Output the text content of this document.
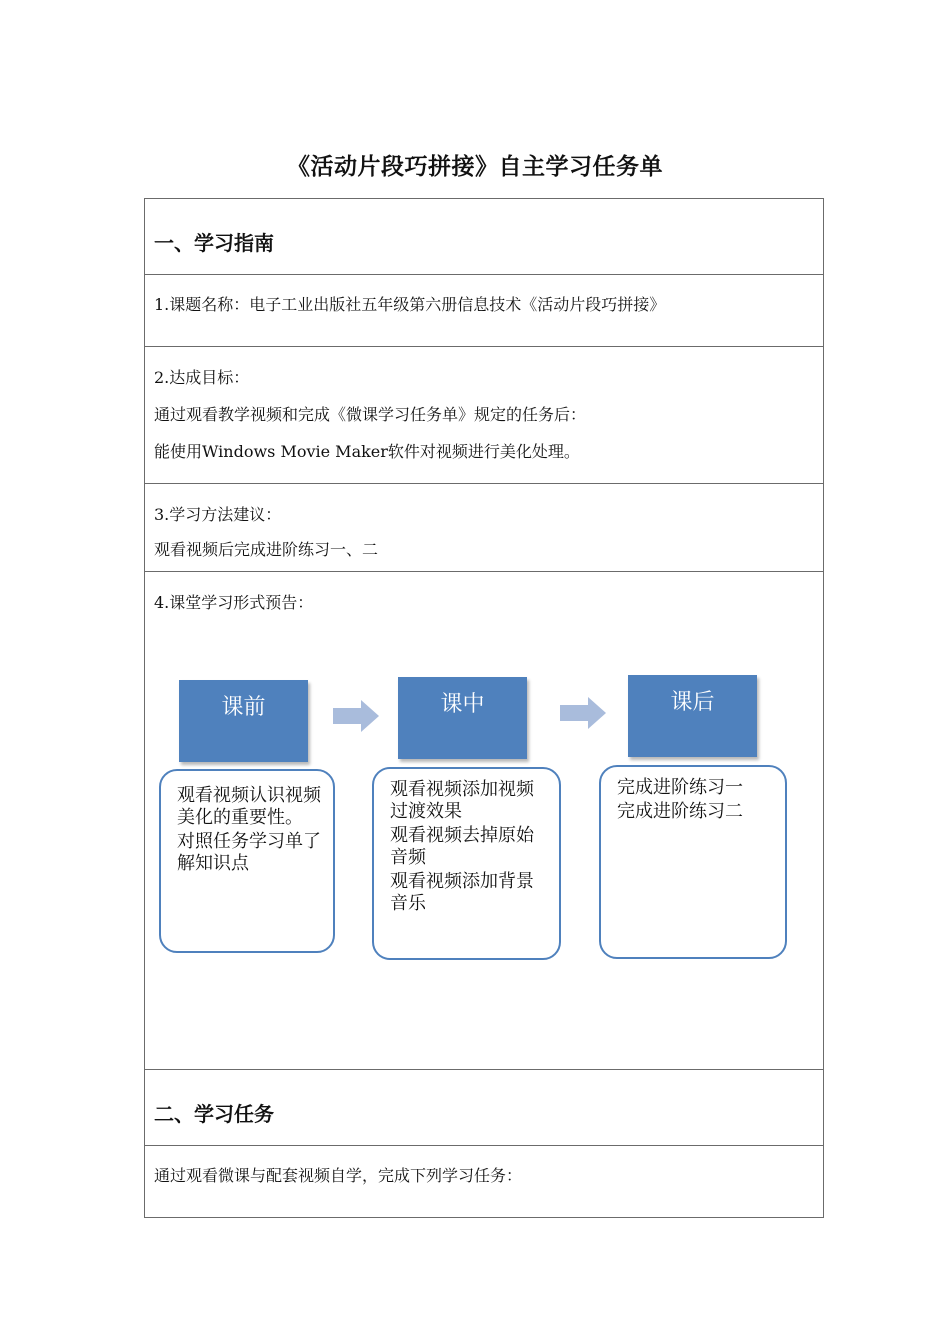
《活动片段巧拼接》自主学习任务单
一、学习指南
1.课题名称：电子工业出版社五年级第六册信息技术《活动片段巧拼接》
2.达成目标：
通过观看教学视频和完成《微课学习任务单》规定的任务后：
能使用Windows Movie Maker软件对视频进行美化处理。
3.学习方法建议：
观看视频后完成进阶练习一、二
4.课堂学习形式预告：
课前	课中	课后

观看视频认识视频美化的重要性。

对照任务学习单了解知识点

观看视频添加视频过渡效果

观看视频去掉原始音频

观看视频添加背景音乐

完成进阶练习一

完成进阶练习二

二、学习任务
通过观看微课与配套视频自学，完成下列学习任务：
